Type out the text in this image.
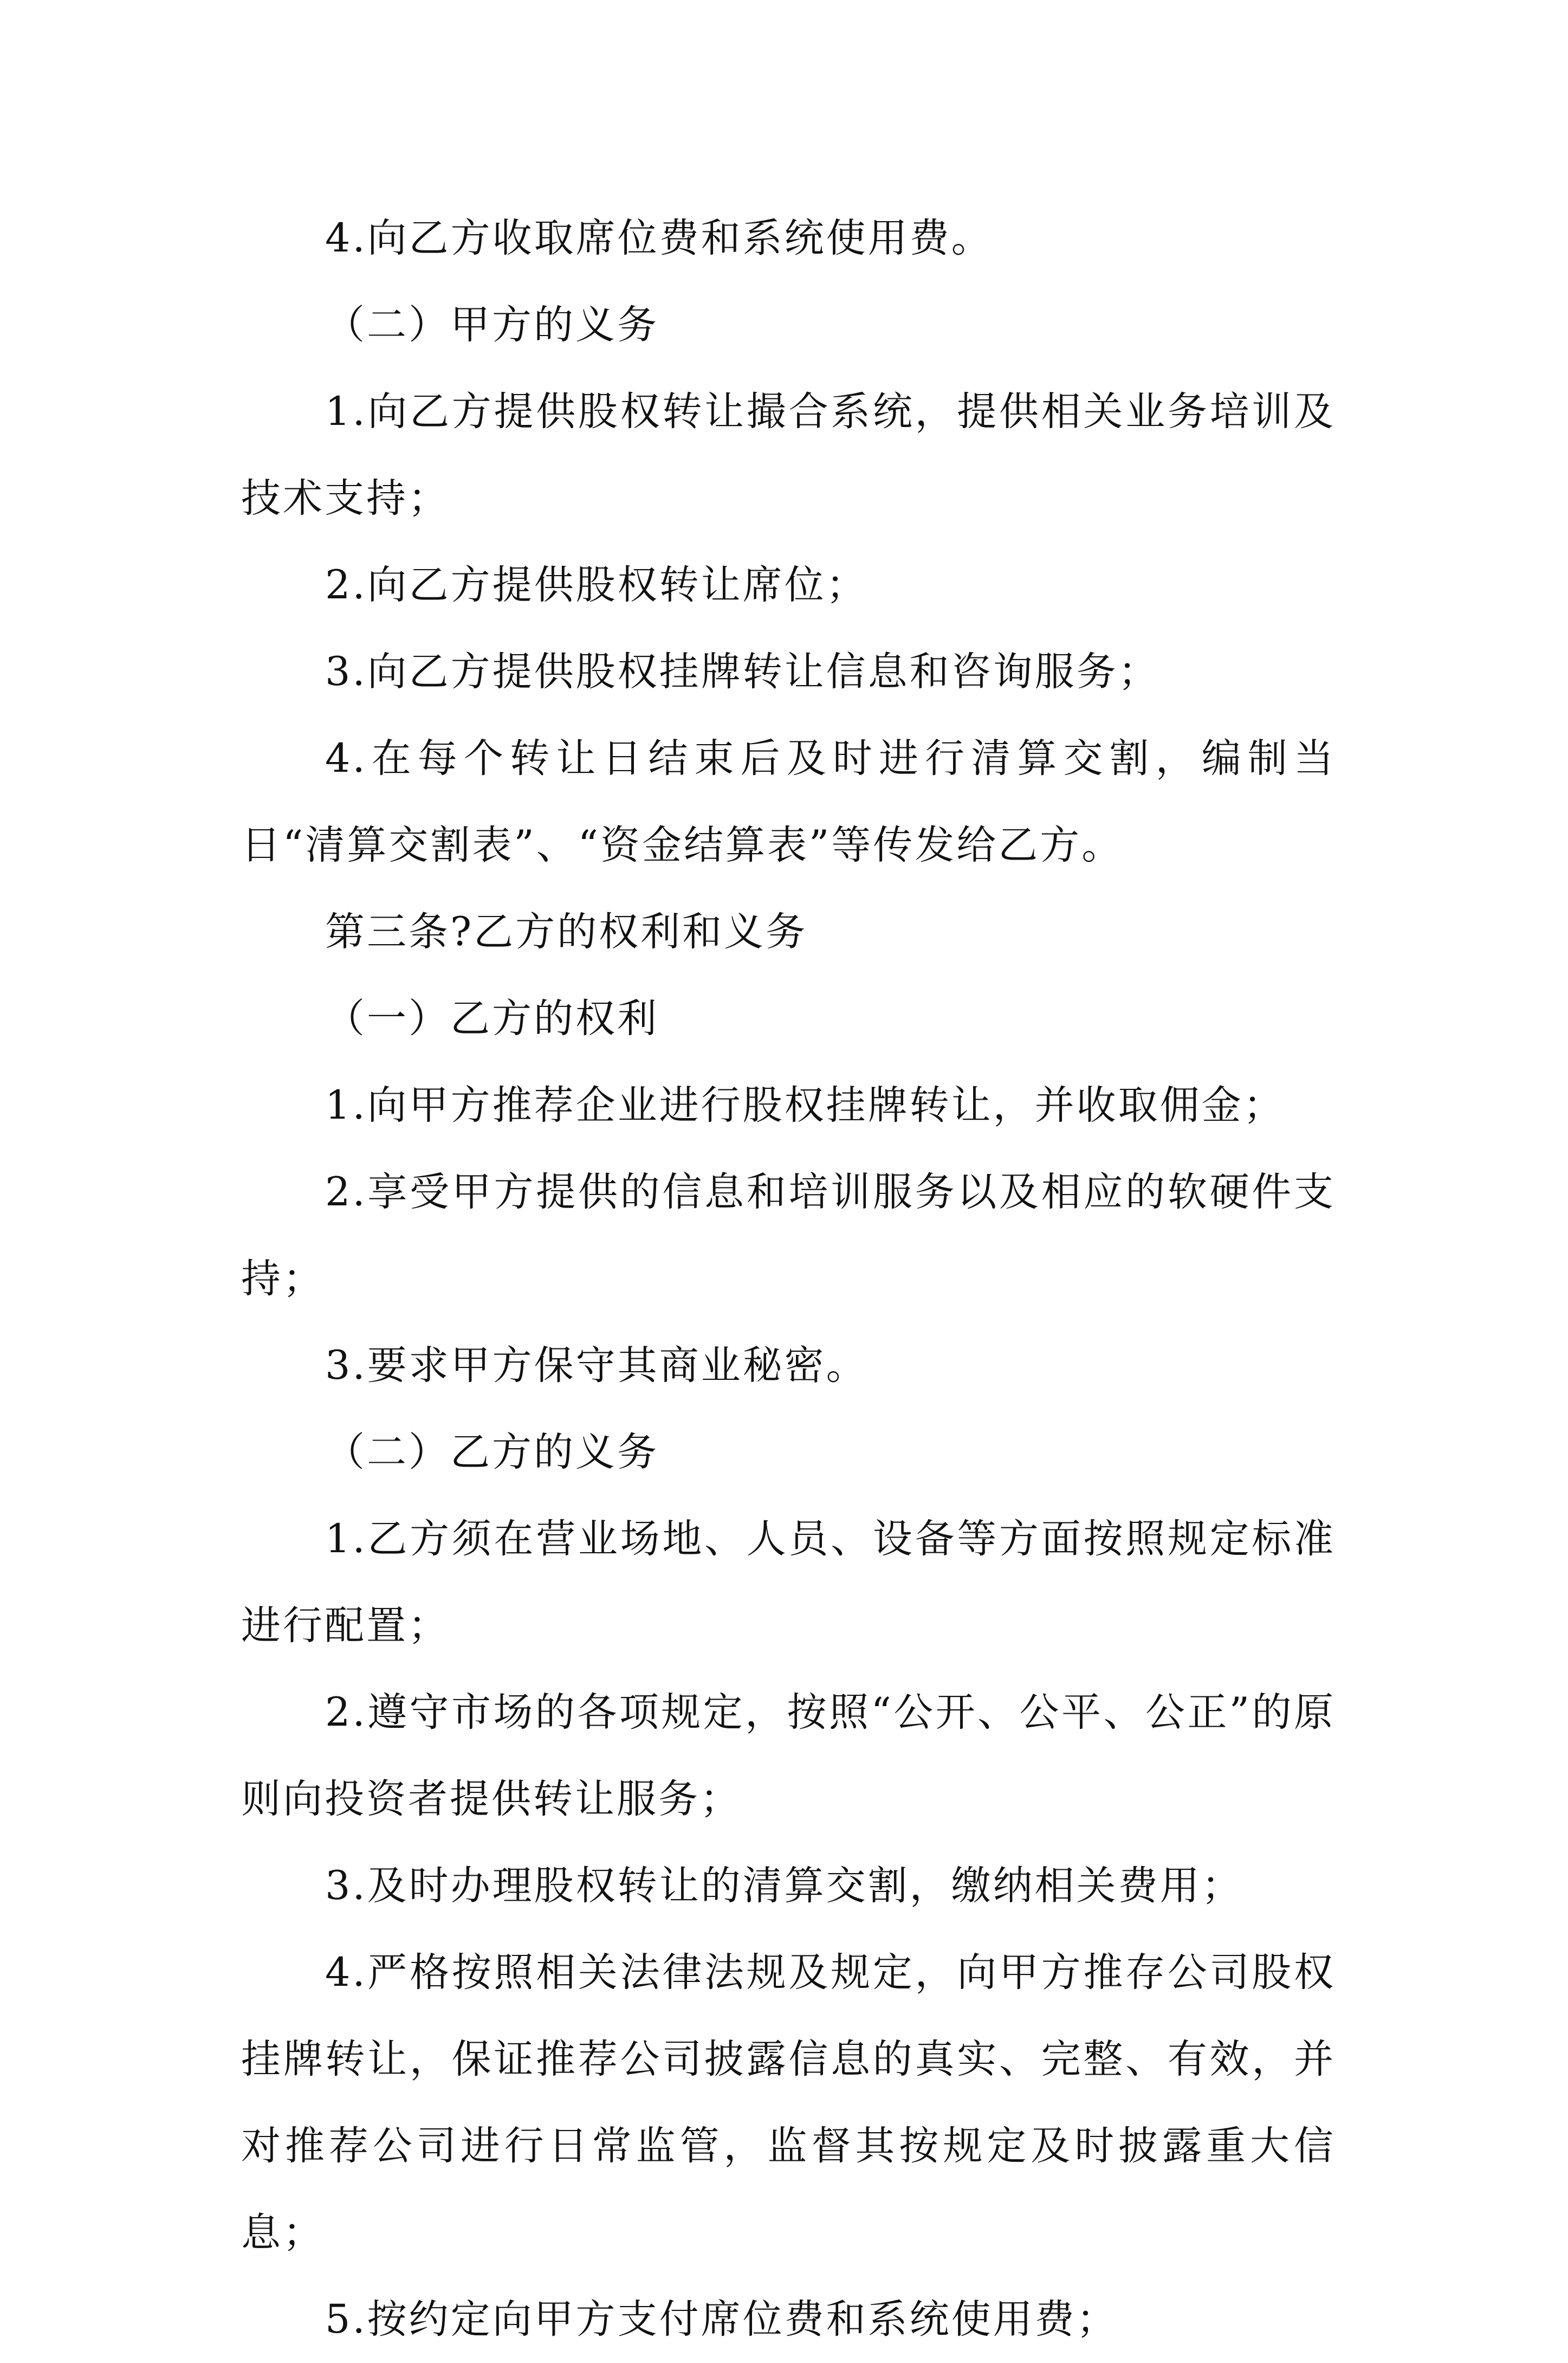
4.向乙方收取席位费和系统使用费。

（二）甲方的义务

1.向乙方提供股权转让撮合系统，提供相关业务培训及技术支持；

2.向乙方提供股权转让席位；

3.向乙方提供股权挂牌转让信息和咨询服务；

4.在每个转让日结束后及时进行清算交割，编制当日“清算交割表”、“资金结算表”等传发给乙方。

第三条?乙方的权利和义务

（一）乙方的权利

1.向甲方推荐企业进行股权挂牌转让，并收取佣金；

2.享受甲方提供的信息和培训服务以及相应的软硬件支持；

3.要求甲方保守其商业秘密。

（二）乙方的义务

1.乙方须在营业场地、人员、设备等方面按照规定标准进行配置；

2.遵守市场的各项规定，按照“公开、公平、公正”的原则向投资者提供转让服务；

3.及时办理股权转让的清算交割，缴纳相关费用；

4.严格按照相关法律法规及规定，向甲方推存公司股权挂牌转让，保证推荐公司披露信息的真实、完整、有效，并对推荐公司进行日常监管，监督其按规定及时披露重大信息；

5.按约定向甲方支付席位费和系统使用费；
